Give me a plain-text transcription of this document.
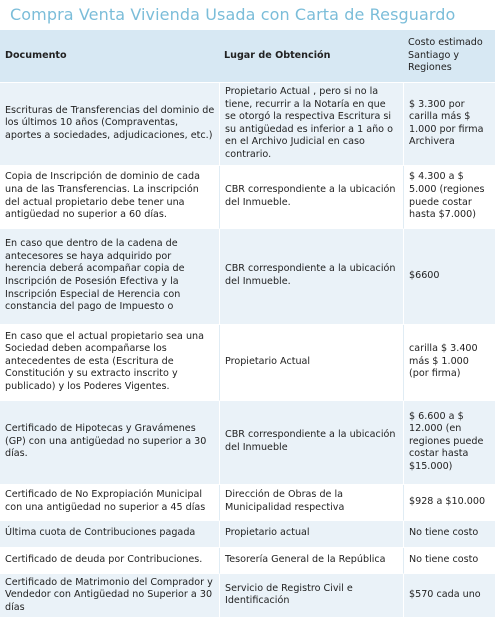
Compra Venta Vivienda Usada con Carta de Resguardo
Documento	Lugar de Obtención	Costo estimado Santiago y Regiones
Escrituras de Transferencias del dominio de los últimos 10 años (Compraventas, aportes a sociedades, adjudicaciones, etc.)	Propietario Actual , pero si no la tiene, recurrir a la Notaría en que se otorgó la respectiva Escritura si su antigüedad es inferior a 1 año o en el Archivo Judicial en caso contrario.	$ 3.300 por carilla más $ 1.000 por firma Archivera
Copia de Inscripción de dominio de cada una de las Transferencias. La inscripción del actual propietario debe tener una antigüedad no superior a 60 días.	CBR correspondiente a la ubicación del Inmueble.	$ 4.300 a $ 5.000 (regiones puede costar hasta $7.000)
En caso que dentro de la cadena de antecesores se haya adquirido por herencia deberá acompañar copia de Inscripción de Posesión Efectiva y la Inscripción Especial de Herencia con constancia del pago de Impuesto o	CBR correspondiente a la ubicación del Inmueble.	$6600
En caso que el actual propietario sea una Sociedad deben acompañarse los antecedentes de esta (Escritura de Constitución y su extracto inscrito y publicado) y los Poderes Vigentes.	Propietario Actual	carilla $ 3.400 más $ 1.000 (por firma)
Certificado de Hipotecas y Gravámenes (GP) con una antigüedad no superior a 30 días.	CBR correspondiente a la ubicación del Inmueble	$ 6.600 a $ 12.000 (en regiones puede costar hasta $15.000)
Certificado de No Expropiación Municipal con una antigüedad no superior a 45 días	Dirección de Obras de la Municipalidad respectiva	$928 a $10.000
Última cuota de Contribuciones pagada	Propietario actual	No tiene costo
Certificado de deuda por Contribuciones.	Tesorería General de la República	No tiene costo
Certificado de Matrimonio del Comprador y Vendedor con Antigüedad no Superior a 30 días	Servicio de Registro Civil e Identificación	$570 cada uno
